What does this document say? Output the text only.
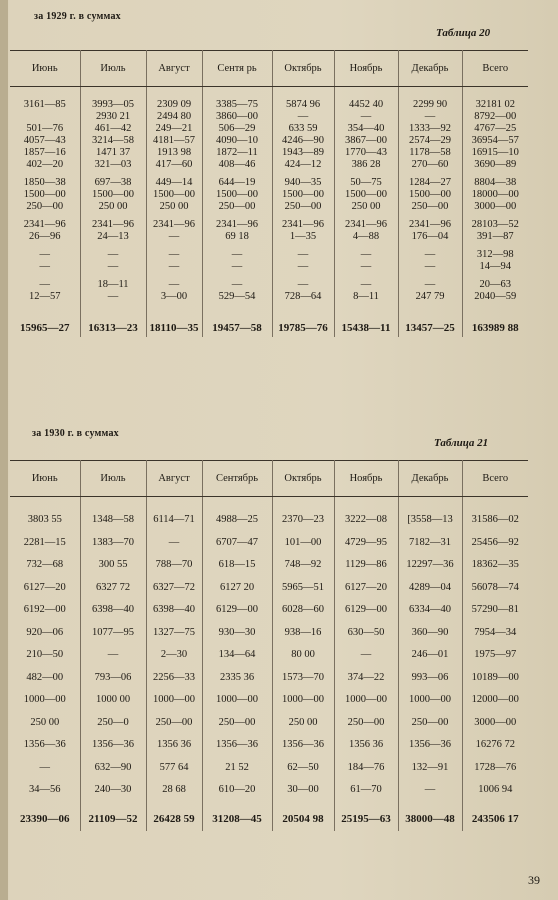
за 1929 г. в суммах
Таблица 20
Июнь	Июль	Август	Сентя рь	Октябрь	Ноябрь	Декабрь	Всего

3161—85	3993—05	2309 09	3385—75	5874 96	4452 40	2299 90	32181 02
	2930 21	2494 80	3860—00	—	—	—	8792—00
501—76	461—42	249—21	506—29	633 59	354—40	1333—92	4767—25
4057—43	3214—58	4181—57	4090—10	4246—90	3867—00	2574—29	36954—57
1857—16	1471 37	1913 98	1872—11	1943—89	1770—43	1178—58	16915—10
402—20	321—03	417—60	408—46	424—12	386 28	270—60	3690—89

1850—38	697—38	449—14	644—19	940—35	50—75	1284—27	8804—38
1500—00	1500—00	1500—00	1500—00	1500—00	1500—00	1500—00	18000—00
250—00	250 00	250 00	250—00	250—00	250 00	250—00	3000—00

2341—96	2341—96	2341—96	2341—96	2341—96	2341—96	2341—96	28103—52
26—96	24—13	—	69 18	1—35	4—88	176—04	391—87

—	—	—	—	—	—	—	312—98
—	—	—	—	—	—	—	14—94

—	18—11	—	—	—	—	—	20—63
12—57	—	3—00	529—54	728—64	8—11	247 79	2040—59

15965—27	16313—23	18110—35	19457—58	19785—76	15438—11	13457—25	163989 88
за 1930 г. в суммах
Таблица 21
Июнь	Июль	Август	Сентябрь	Октябрь	Ноябрь	Декабрь	Всего

3803 55	1348—58	6114—71	4988—25	2370—23	3222—08	[3558—13	31586—02
2281—15	1383—70	—	6707—47	101—00	4729—95	7182—31	25456—92
732—68	300 55	788—70	618—15	748—92	1129—86	12297—36	18362—35
6127—20	6327 72	6327—72	6127 20	5965—51	6127—20	4289—04	56078—74
6192—00	6398—40	6398—40	6129—00	6028—60	6129—00	6334—40	57290—81
920—06	1077—95	1327—75	930—30	938—16	630—50	360—90	7954—34
210—50	—	2—30	134—64	80 00	—	246—01	1975—97
482—00	793—06	2256—33	2335 36	1573—70	374—22	993—06	10189—00
1000—00	1000 00	1000—00	1000—00	1000—00	1000—00	1000—00	12000—00
250 00	250—0	250—00	250—00	250 00	250—00	250—00	3000—00
1356—36	1356—36	1356 36	1356—36	1356—36	1356 36	1356—36	16276 72
—	632—90	577 64	21 52	62—50	184—76	132—91	1728—76
34—56	240—30	28 68	610—20	30—00	61—70	—	1006 94

23390—06	21109—52	26428 59	31208—45	20504 98	25195—63	38000—48	243506 17
39
